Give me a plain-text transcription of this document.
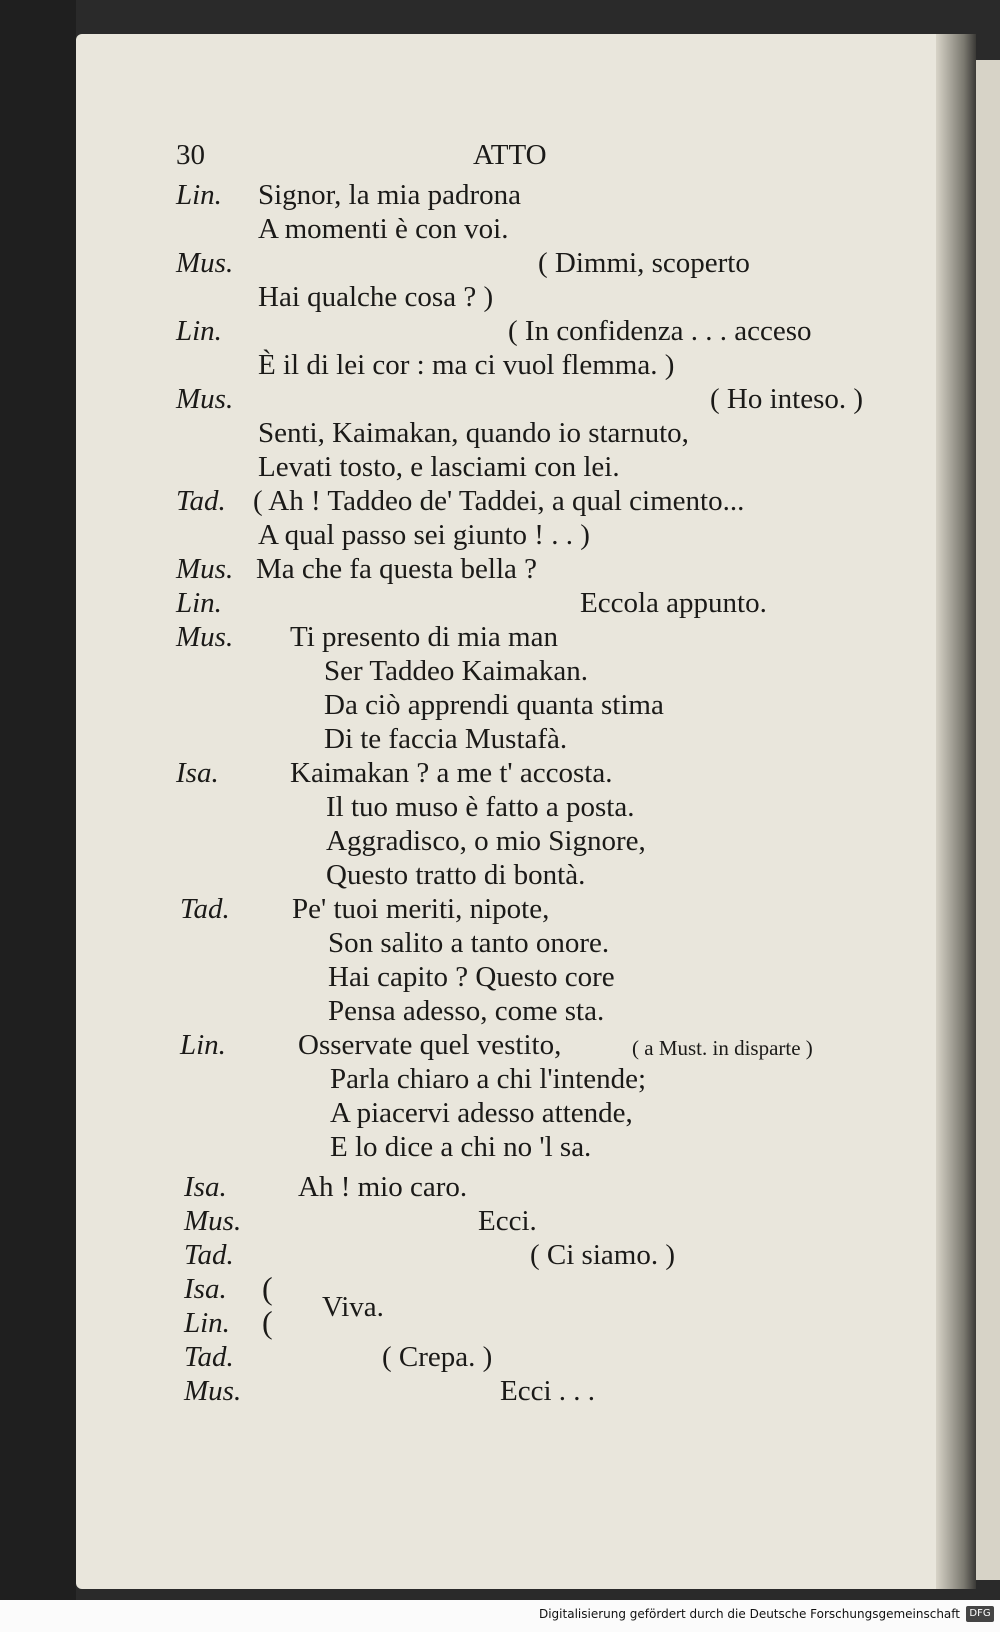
30	ATTO
Lin. Signor, la mia padrona
A momenti è con voi.
Mus.	( Dimmi, scoperto
Hai qualche cosa ? )
Lin.	( In confidenza . . . acceso
È il di lei cor : ma ci vuol flemma. )
Mus.	( Ho inteso. )
Senti, Kaimakan, quando io starnuto,
Levati tosto, e lasciami con lei.
Tad. ( Ah ! Taddeo de' Taddei, a qual cimento...
A qual passo sei giunto ! . . )
Mus. Ma che fa questa bella ?
Lin.	Eccola appunto.
Mus. Ti presento di mia man
Ser Taddeo Kaimakan.
Da ciò apprendi quanta stima
Di te faccia Mustafà.
Isa. Kaimakan ? a me t' accosta.
Il tuo muso è fatto a posta.
Aggradisco, o mio Signore,
Questo tratto di bontà.
Tad. Pe' tuoi meriti, nipote,
Son salito a tanto onore.
Hai capito ? Questo core
Pensa adesso, come sta.
Lin. Osservate quel vestito,	( a Must. in disparte )
Parla chiaro a chi l'intende;
A piacervi adesso attende,
E lo dice a chi no 'l sa.
Isa. Ah ! mio caro.
Mus.	Ecci.
Tad.	( Ci siamo. )
Isa. (
Lin. ( Viva.
Tad.	( Crepa. )
Mus.	Ecci . . .
Digitalisierung gefördert durch die Deutsche Forschungsgemeinschaft DFG
